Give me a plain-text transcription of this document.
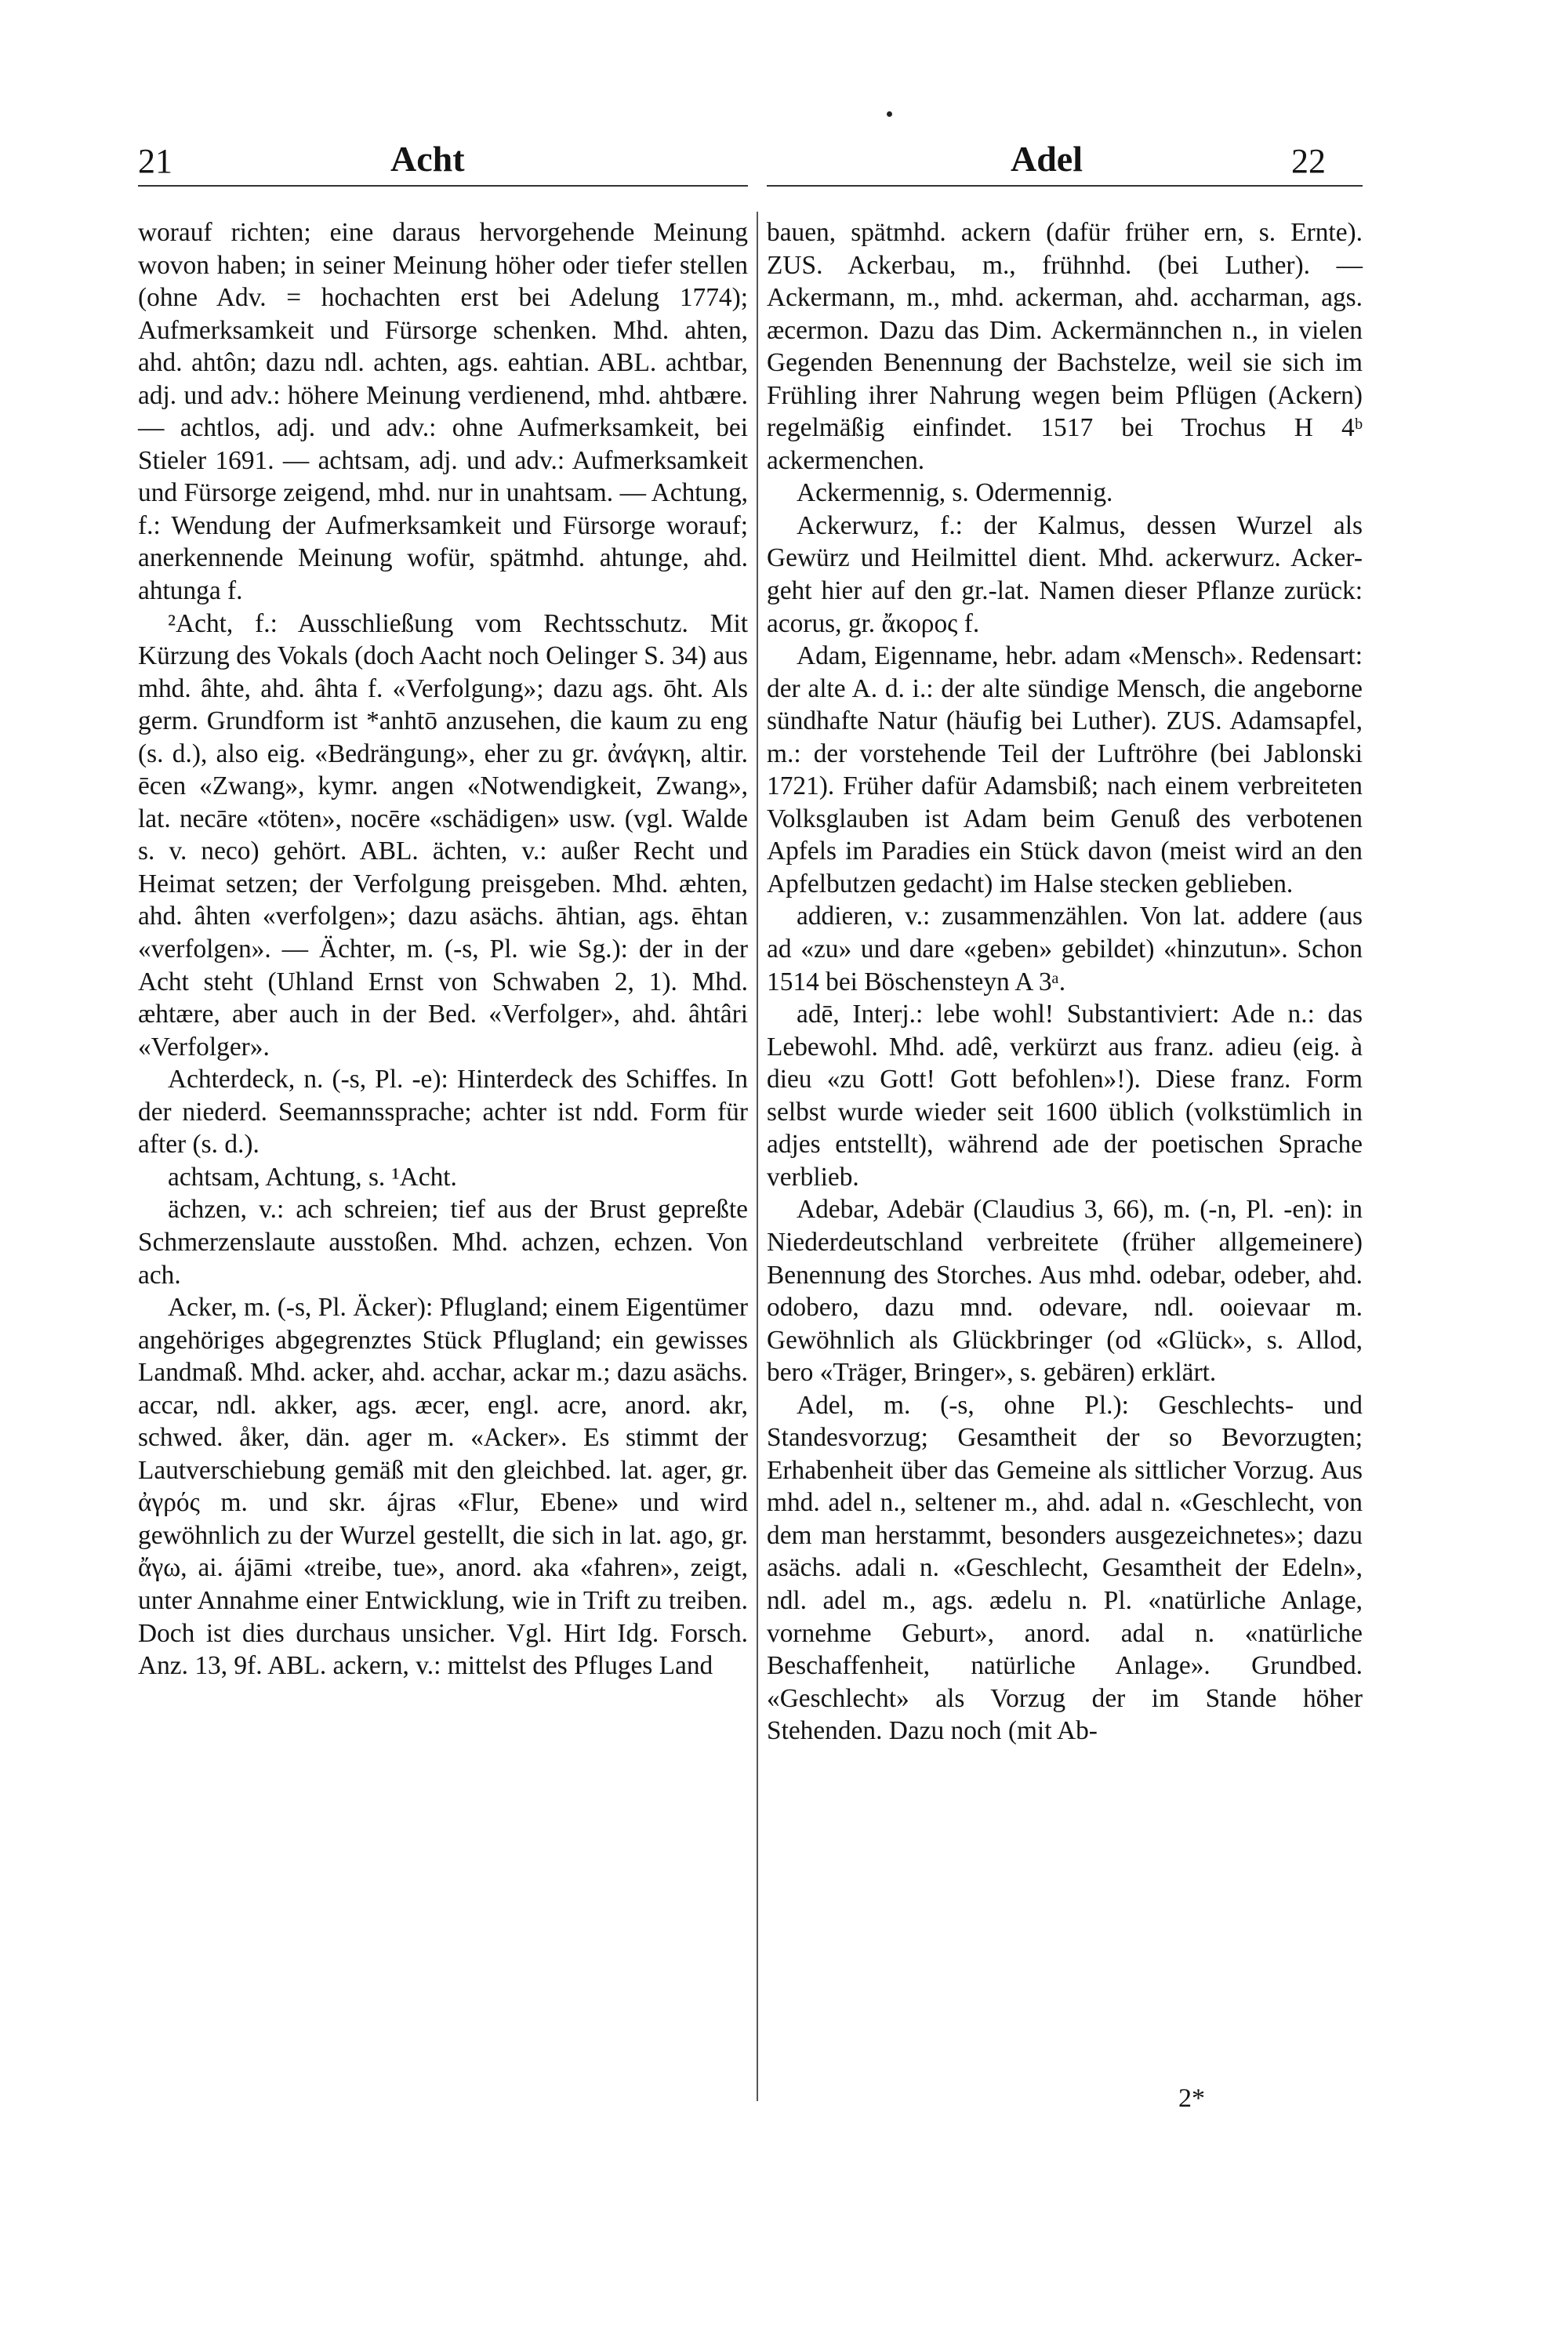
21	Acht	Adel	22

worauf richten; eine daraus hervorgehende Meinung wovon haben; in seiner Meinung höher oder tiefer stellen (ohne Adv. = hochachten erst bei Adelung 1774); Aufmerksamkeit und Fürsorge schenken. Mhd. ahten, ahd. ahtôn; dazu ndl. achten, ags. eahtian. ABL. achtbar, adj. und adv.: höhere Meinung verdienend, mhd. ahtbære. — achtlos, adj. und adv.: ohne Aufmerksamkeit, bei Stieler 1691. — achtsam, adj. und adv.: Aufmerksamkeit und Fürsorge zeigend, mhd. nur in unahtsam. — Achtung, f.: Wendung der Aufmerksamkeit und Fürsorge worauf; anerkennende Meinung wofür, spätmhd. ahtunge, ahd. ahtunga f.

²Acht, f.: Ausschließung vom Rechtsschutz. Mit Kürzung des Vokals (doch Aacht noch Oelinger S. 34) aus mhd. âhte, ahd. âhta f. «Verfolgung»; dazu ags. ōht. Als germ. Grundform ist *anhtō anzusehen, die kaum zu eng (s. d.), also eig. «Bedrängung», eher zu gr. ἀνάγκη, altir. ēcen «Zwang», kymr. angen «Notwendigkeit, Zwang», lat. necāre «töten», nocēre «schädigen» usw. (vgl. Walde s. v. neco) gehört. ABL. ächten, v.: außer Recht und Heimat setzen; der Verfolgung preisgeben. Mhd. æhten, ahd. âhten «verfolgen»; dazu asächs. āhtian, ags. ēhtan «verfolgen». — Ächter, m. (-s, Pl. wie Sg.): der in der Acht steht (Uhland Ernst von Schwaben 2, 1). Mhd. æhtære, aber auch in der Bed. «Verfolger», ahd. âhtâri «Verfolger».

Achterdeck, n. (-s, Pl. -e): Hinterdeck des Schiffes. In der niederd. Seemannssprache; achter ist ndd. Form für after (s. d.).

achtsam, Achtung, s. ¹Acht.

ächzen, v.: ach schreien; tief aus der Brust gepreßte Schmerzenslaute ausstoßen. Mhd. achzen, echzen. Von ach.

Acker, m. (-s, Pl. Äcker): Pflugland; einem Eigentümer angehöriges abgegrenztes Stück Pflugland; ein gewisses Landmaß. Mhd. acker, ahd. acchar, ackar m.; dazu asächs. accar, ndl. akker, ags. æcer, engl. acre, anord. akr, schwed. åker, dän. ager m. «Acker». Es stimmt der Lautverschiebung gemäß mit den gleichbed. lat. ager, gr. ἀγρός m. und skr. ájras «Flur, Ebene» und wird gewöhnlich zu der Wurzel gestellt, die sich in lat. ago, gr. ἄγω, ai. ájāmi «treibe, tue», anord. aka «fahren», zeigt, unter Annahme einer Entwicklung, wie in Trift zu treiben. Doch ist dies durchaus unsicher. Vgl. Hirt Idg. Forsch. Anz. 13, 9f. ABL. ackern, v.: mittelst des Pfluges Land

bauen, spätmhd. ackern (dafür früher ern, s. Ernte). ZUS. Ackerbau, m., frühnhd. (bei Luther). — Ackermann, m., mhd. ackerman, ahd. accharman, ags. æcermon. Dazu das Dim. Ackermännchen n., in vielen Gegenden Benennung der Bachstelze, weil sie sich im Frühling ihrer Nahrung wegen beim Pflügen (Ackern) regelmäßig einfindet. 1517 bei Trochus H 4ᵇ ackermenchen.

Ackermennig, s. Odermennig.

Ackerwurz, f.: der Kalmus, dessen Wurzel als Gewürz und Heilmittel dient. Mhd. ackerwurz. Acker- geht hier auf den gr.-lat. Namen dieser Pflanze zurück: acorus, gr. ἄκορος f.

Adam, Eigenname, hebr. adam «Mensch». Redensart: der alte A. d. i.: der alte sündige Mensch, die angeborne sündhafte Natur (häufig bei Luther). ZUS. Adamsapfel, m.: der vorstehende Teil der Luftröhre (bei Jablonski 1721). Früher dafür Adamsbiß; nach einem verbreiteten Volksglauben ist Adam beim Genuß des verbotenen Apfels im Paradies ein Stück davon (meist wird an den Apfelbutzen gedacht) im Halse stecken geblieben.

addieren, v.: zusammenzählen. Von lat. addere (aus ad «zu» und dare «geben» gebildet) «hinzutun». Schon 1514 bei Böschensteyn A 3ᵃ.

adē, Interj.: lebe wohl! Substantiviert: Ade n.: das Lebewohl. Mhd. adê, verkürzt aus franz. adieu (eig. à dieu «zu Gott! Gott befohlen»!). Diese franz. Form selbst wurde wieder seit 1600 üblich (volkstümlich in adjes entstellt), während ade der poetischen Sprache verblieb.

Adebar, Adebär (Claudius 3, 66), m. (-n, Pl. -en): in Niederdeutschland verbreitete (früher allgemeinere) Benennung des Storches. Aus mhd. odebar, odeber, ahd. odobero, dazu mnd. odevare, ndl. ooievaar m. Gewöhnlich als Glückbringer (od «Glück», s. Allod, bero «Träger, Bringer», s. gebären) erklärt.

Adel, m. (-s, ohne Pl.): Geschlechts- und Standesvorzug; Gesamtheit der so Bevorzugten; Erhabenheit über das Gemeine als sittlicher Vorzug. Aus mhd. adel n., seltener m., ahd. adal n. «Geschlecht, von dem man herstammt, besonders ausgezeichnetes»; dazu asächs. adali n. «Geschlecht, Gesamtheit der Edeln», ndl. adel m., ags. ædelu n. Pl. «natürliche Anlage, vornehme Geburt», anord. adal n. «natürliche Beschaffenheit, natürliche Anlage». Grundbed. «Geschlecht» als Vorzug der im Stande höher Stehenden. Dazu noch (mit Ab-

2*
